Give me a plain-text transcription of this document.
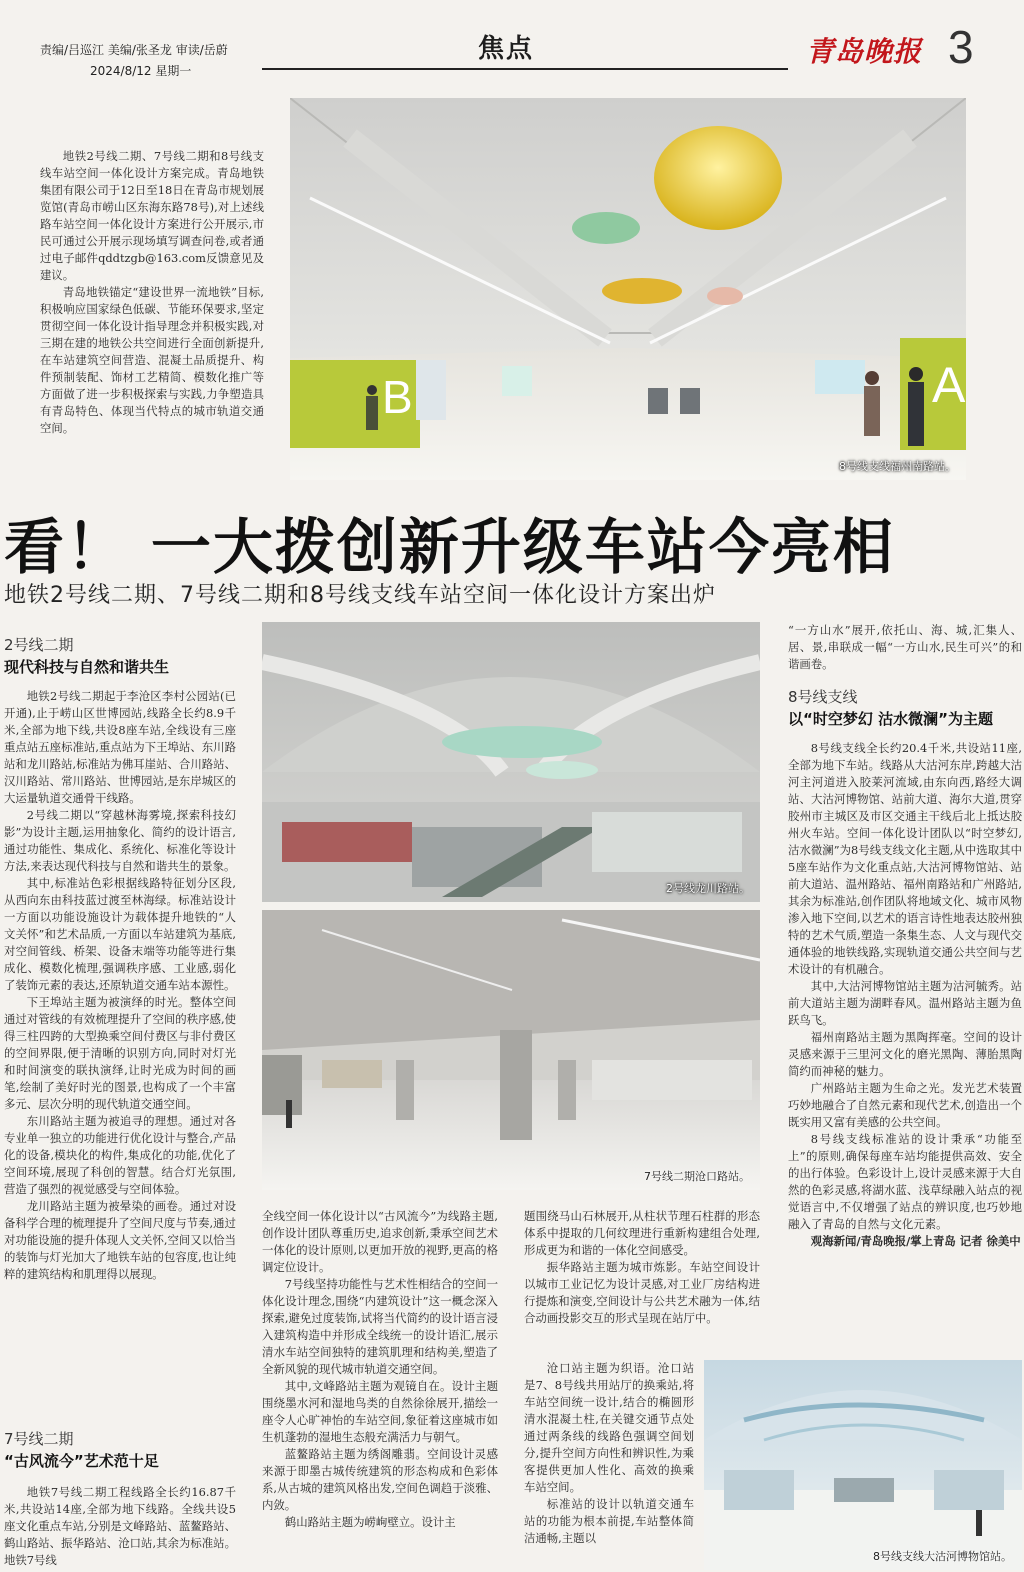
责编/吕巡江 美编/张圣龙 审读/岳蔚
2024/8/12 星期一
焦点	青岛晚报 3

地铁2号线二期、7号线二期和8号线支线车站空间一体化设计方案完成。青岛地铁集团有限公司于12日至18日在青岛市规划展览馆(青岛市崂山区东海东路78号),对上述线路车站空间一体化设计方案进行公开展示,市民可通过公开展示现场填写调查问卷,或者通过电子邮件qddtzgb@163.com反馈意见及建议。

青岛地铁锚定“建设世界一流地铁”目标,积极响应国家绿色低碳、节能环保要求,坚定贯彻空间一体化设计指导理念并积极实践,对三期在建的地铁公共空间进行全面创新提升,在车站建筑空间营造、混凝土品质提升、构件预制装配、饰材工艺精简、模数化推广等方面做了进一步积极探索与实践,力争塑造具有青岛特色、体现当代特点的城市轨道交通空间。

B	A
8号线支线福州南路站。
看！ 一大拨创新升级车站今亮相
地铁2号线二期、7号线二期和8号线支线车站空间一体化设计方案出炉
2号线二期
现代科技与自然和谐共生

地铁2号线二期起于李沧区李村公园站(已开通),止于崂山区世博园站,线路全长约8.9千米,全部为地下线,共设8座车站,全线设有三座重点站五座标准站,重点站为下王埠站、东川路站和龙川路站,标准站为佛耳崖站、合川路站、汉川路站、常川路站、世博园站,是东岸城区的大运量轨道交通骨干线路。

2号线二期以“穿越林海雾境,探索科技幻影”为设计主题,运用抽象化、简约的设计语言,通过功能性、集成化、系统化、标准化等设计方法,来表达现代科技与自然和谐共生的景象。

其中,标准站色彩根据线路特征划分区段,从西向东由科技蓝过渡至林海绿。标准站设计一方面以功能设施设计为载体提升地铁的“人文关怀”和艺术品质,一方面以车站建筑为基底,对空间管线、桥架、设备末端等功能等进行集成化、模数化梳理,强调秩序感、工业感,弱化了装饰元素的表达,还原轨道交通车站本源性。

下王埠站主题为被演绎的时光。整体空间通过对管线的有效梳理提升了空间的秩序感,使得三柱四跨的大型换乘空间付费区与非付费区的空间界限,便于清晰的识别方向,同时对灯光和时间演变的联执演绎,让时光成为时间的画笔,绘制了美好时光的图景,也构成了一个丰富多元、层次分明的现代轨道交通空间。

东川路站主题为被追寻的理想。通过对各专业单一独立的功能进行优化设计与整合,产品化的设备,模块化的构件,集成化的功能,优化了空间环境,展现了科创的智慧。结合灯光氛围,营造了强烈的视觉感受与空间体验。

龙川路站主题为被晕染的画卷。通过对设备科学合理的梳理提升了空间尺度与节奏,通过对功能设施的提升体现人文关怀,空间又以恰当的装饰与灯光加大了地铁车站的包容度,也让纯粹的建筑结构和肌理得以展现。

7号线二期
“古风流今”艺术范十足

地铁7号线二期工程线路全长约16.87千米,共设站14座,全部为地下线路。全线共设5座文化重点车站,分别是文峰路站、蓝鳌路站、鹤山路站、振华路站、沧口站,其余为标准站。地铁7号线

2号线龙川路站。
7号线二期沧口路站。

全线空间一体化设计以“古风流今”为线路主题,创作设计团队尊重历史,追求创新,秉承空间艺术一体化的设计原则,以更加开放的视野,更高的格调定位设计。

7号线坚持功能性与艺术性相结合的空间一体化设计理念,围绕“内建筑设计”这一概念深入探索,避免过度装饰,试将当代简约的设计语言浸入建筑构造中并形成全线统一的设计语汇,展示清水车站空间独特的建筑肌理和结构美,塑造了全新风貌的现代城市轨道交通空间。

其中,文峰路站主题为观镜自在。设计主题围绕墨水河和湿地鸟类的自然徐徐展开,描绘一座令人心旷神怡的车站空间,象征着这座城市如生机蓬勃的湿地生态般充满活力与朝气。

蓝鳌路站主题为绣阁雕翡。空间设计灵感来源于即墨古城传统建筑的形态构成和色彩体系,从古城的建筑风格出发,空间色调趋于淡雅、内敛。

鹤山路站主题为崂峋壁立。设计主

题围绕马山石林展开,从柱状节理石柱群的形态体系中提取的几何纹理进行重新构建组合处理,形成更为和谐的一体化空间感受。

振华路站主题为城市炼影。车站空间设计以城市工业记忆为设计灵感,对工业厂房结构进行提炼和演变,空间设计与公共艺术融为一体,结合动画投影交互的形式呈现在站厅中。

沧口站主题为织语。沧口站是7、8号线共用站厅的换乘站,将车站空间统一设计,结合的椭圆形清水混凝土柱,在关键交通节点处通过两条线的线路色强调空间划分,提升空间方向性和辨识性,为乘客提供更加人性化、高效的换乘车站空间。

标准站的设计以轨道交通车站的功能为根本前提,车站整体简洁通畅,主题以

“一方山水”展开,依托山、海、城,汇集人、居、景,串联成一幅“一方山水,民生可兴”的和谐画卷。

8号线支线
以“时空梦幻 沽水微澜”为主题

8号线支线全长约20.4千米,共设站11座,全部为地下车站。线路从大沽河东岸,跨越大沽河主河道进入胶莱河流域,由东向西,路经大调站、大沽河博物馆、站前大道、海尔大道,贯穿胶州市主城区及市区交通主干线后北上抵达胶州火车站。空间一体化设计团队以“时空梦幻,沽水微澜”为8号线支线文化主题,从中选取其中5座车站作为文化重点站,大沽河博物馆站、站前大道站、温州路站、福州南路站和广州路站,其余为标准站,创作团队将地域文化、城市风物渗入地下空间,以艺术的语言诗性地表达胶州独特的艺术气质,塑造一条集生态、人文与现代交通体验的地铁线路,实现轨道交通公共空间与艺术设计的有机融合。

其中,大沽河博物馆站主题为沽河毓秀。站前大道站主题为湖畔春风。温州路站主题为鱼跃鸟飞。

福州南路站主题为黑陶挥毫。空间的设计灵感来源于三里河文化的磨光黑陶、薄胎黑陶简约而神秘的魅力。

广州路站主题为生命之光。发光艺术装置巧妙地融合了自然元素和现代艺术,创造出一个既实用又富有美感的公共空间。

8号线支线标准站的设计秉承“功能至上”的原则,确保每座车站均能提供高效、安全的出行体验。色彩设计上,设计灵感来源于大自然的色彩灵感,将湖水蓝、浅草绿融入站点的视觉语言中,不仅增强了站点的辨识度,也巧妙地融入了青岛的自然与文化元素。

观海新闻/青岛晚报/掌上青岛 记者 徐美中

8号线支线大沽河博物馆站。
